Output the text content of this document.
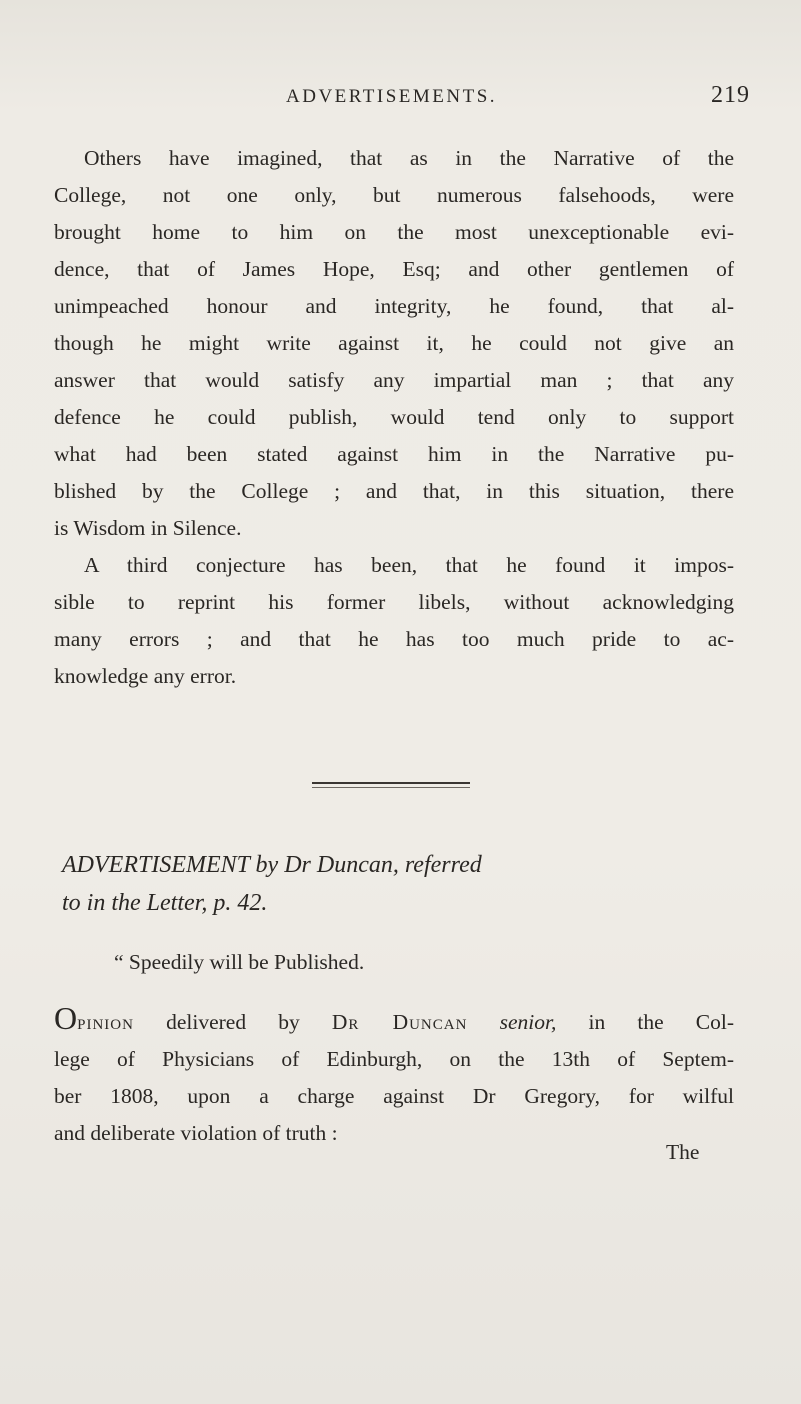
ADVERTISEMENTS.	219
Others have imagined, that as in the Narrative of the
College, not one only, but numerous falsehoods, were
brought home to him on the most unexceptionable evi-
dence, that of James Hope, Esq; and other gentlemen of
unimpeached honour and integrity, he found, that al-
though he might write against it, he could not give an
answer that would satisfy any impartial man ; that any
defence he could publish, would tend only to support
what had been stated against him in the Narrative pu-
blished by the College ; and that, in this situation, there
is Wisdom in Silence.
A third conjecture has been, that he found it impos-
sible to reprint his former libels, without acknowledging
many errors ; and that he has too much pride to ac-
knowledge any error.
ADVERTISEMENT by Dr Duncan, referred
to in the Letter, p. 42.
“ Speedily will be Published.
Opinion delivered by Dr Duncan senior, in the Col-
lege of Physicians of Edinburgh, on the 13th of Septem-
ber 1808, upon a charge against Dr Gregory, for wilful
and deliberate violation of truth :
The
